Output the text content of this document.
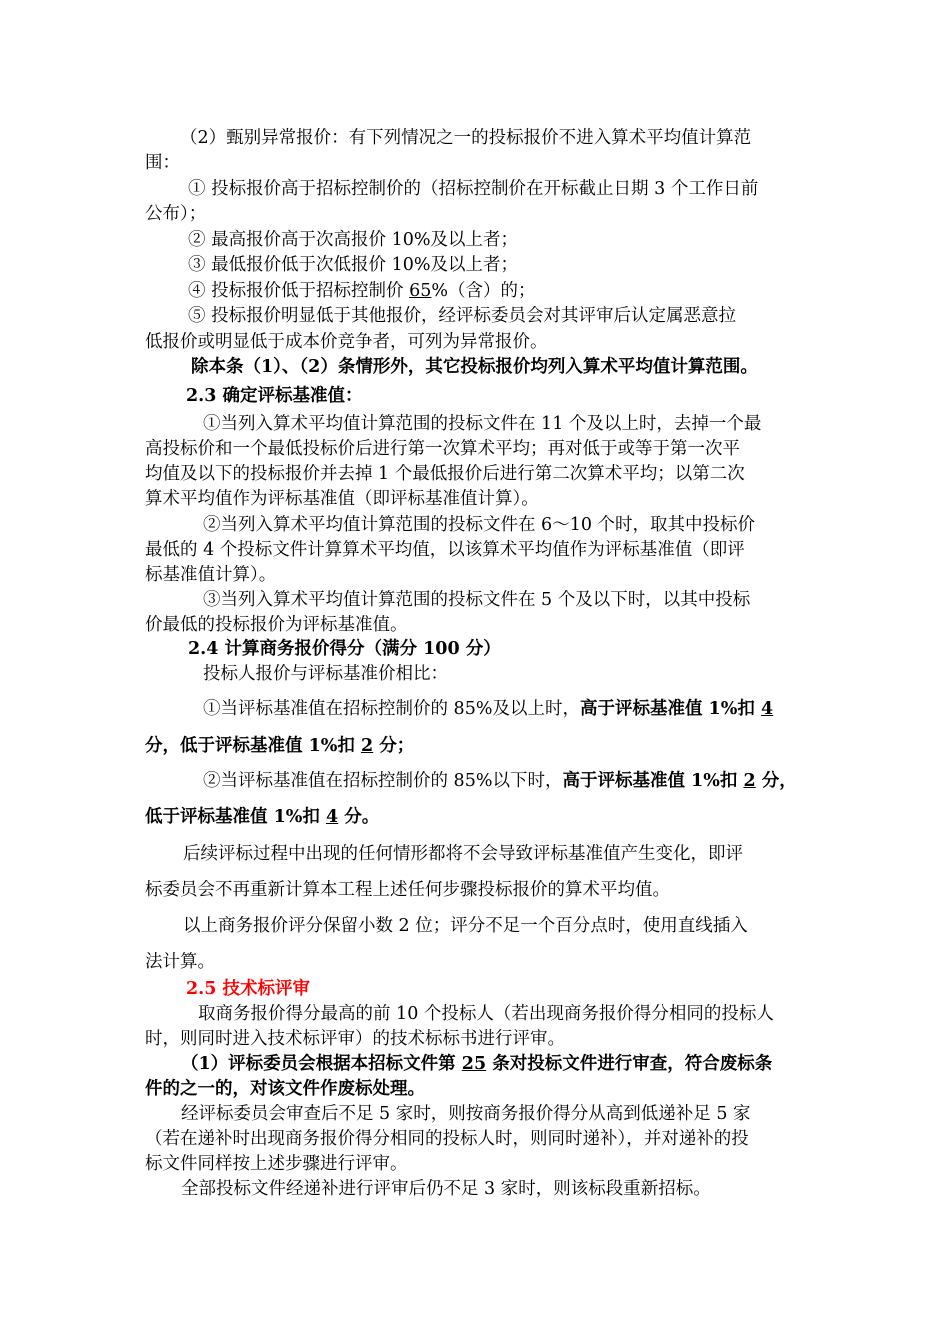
（2）甄别异常报价：有下列情况之一的投标报价不进入算术平均值计算范
围：
① 投标报价高于招标控制价的（招标控制价在开标截止日期 3 个工作日前
公布）；
② 最高报价高于次高报价 10%及以上者；
③ 最低报价低于次低报价 10%及以上者；
④ 投标报价低于招标控制价 65%（含）的；
⑤ 投标报价明显低于其他报价，经评标委员会对其评审后认定属恶意拉
低报价或明显低于成本价竞争者，可列为异常报价。
除本条（1）、（2）条情形外，其它投标报价均列入算术平均值计算范围。
2.3 确定评标基准值：
①当列入算术平均值计算范围的投标文件在 11 个及以上时，去掉一个最
高投标价和一个最低投标价后进行第一次算术平均；再对低于或等于第一次平
均值及以下的投标报价并去掉 1 个最低报价后进行第二次算术平均；以第二次
算术平均值作为评标基准值（即评标基准值计算）。
②当列入算术平均值计算范围的投标文件在 6～10 个时，取其中投标价
最低的 4 个投标文件计算算术平均值，以该算术平均值作为评标基准值（即评
标基准值计算）。
③当列入算术平均值计算范围的投标文件在 5 个及以下时，以其中投标
价最低的投标报价为评标基准值。
2.4 计算商务报价得分（满分 100 分）
投标人报价与评标基准价相比：
①当评标基准值在招标控制价的 85%及以上时，高于评标基准值 1%扣 4
分，低于评标基准值 1%扣 2 分；
②当评标基准值在招标控制价的 85%以下时，高于评标基准值 1%扣 2 分，
低于评标基准值 1%扣 4 分。
后续评标过程中出现的任何情形都将不会导致评标基准值产生变化，即评
标委员会不再重新计算本工程上述任何步骤投标报价的算术平均值。
以上商务报价评分保留小数 2 位；评分不足一个百分点时，使用直线插入
法计算。
2.5 技术标评审
取商务报价得分最高的前 10 个投标人（若出现商务报价得分相同的投标人
时，则同时进入技术标评审）的技术标标书进行评审。
（1）评标委员会根据本招标文件第 25 条对投标文件进行审查，符合废标条
件的之一的，对该文件作废标处理。
经评标委员会审查后不足 5 家时，则按商务报价得分从高到低递补足 5 家
（若在递补时出现商务报价得分相同的投标人时，则同时递补），并对递补的投
标文件同样按上述步骤进行评审。
全部投标文件经递补进行评审后仍不足 3 家时，则该标段重新招标。
